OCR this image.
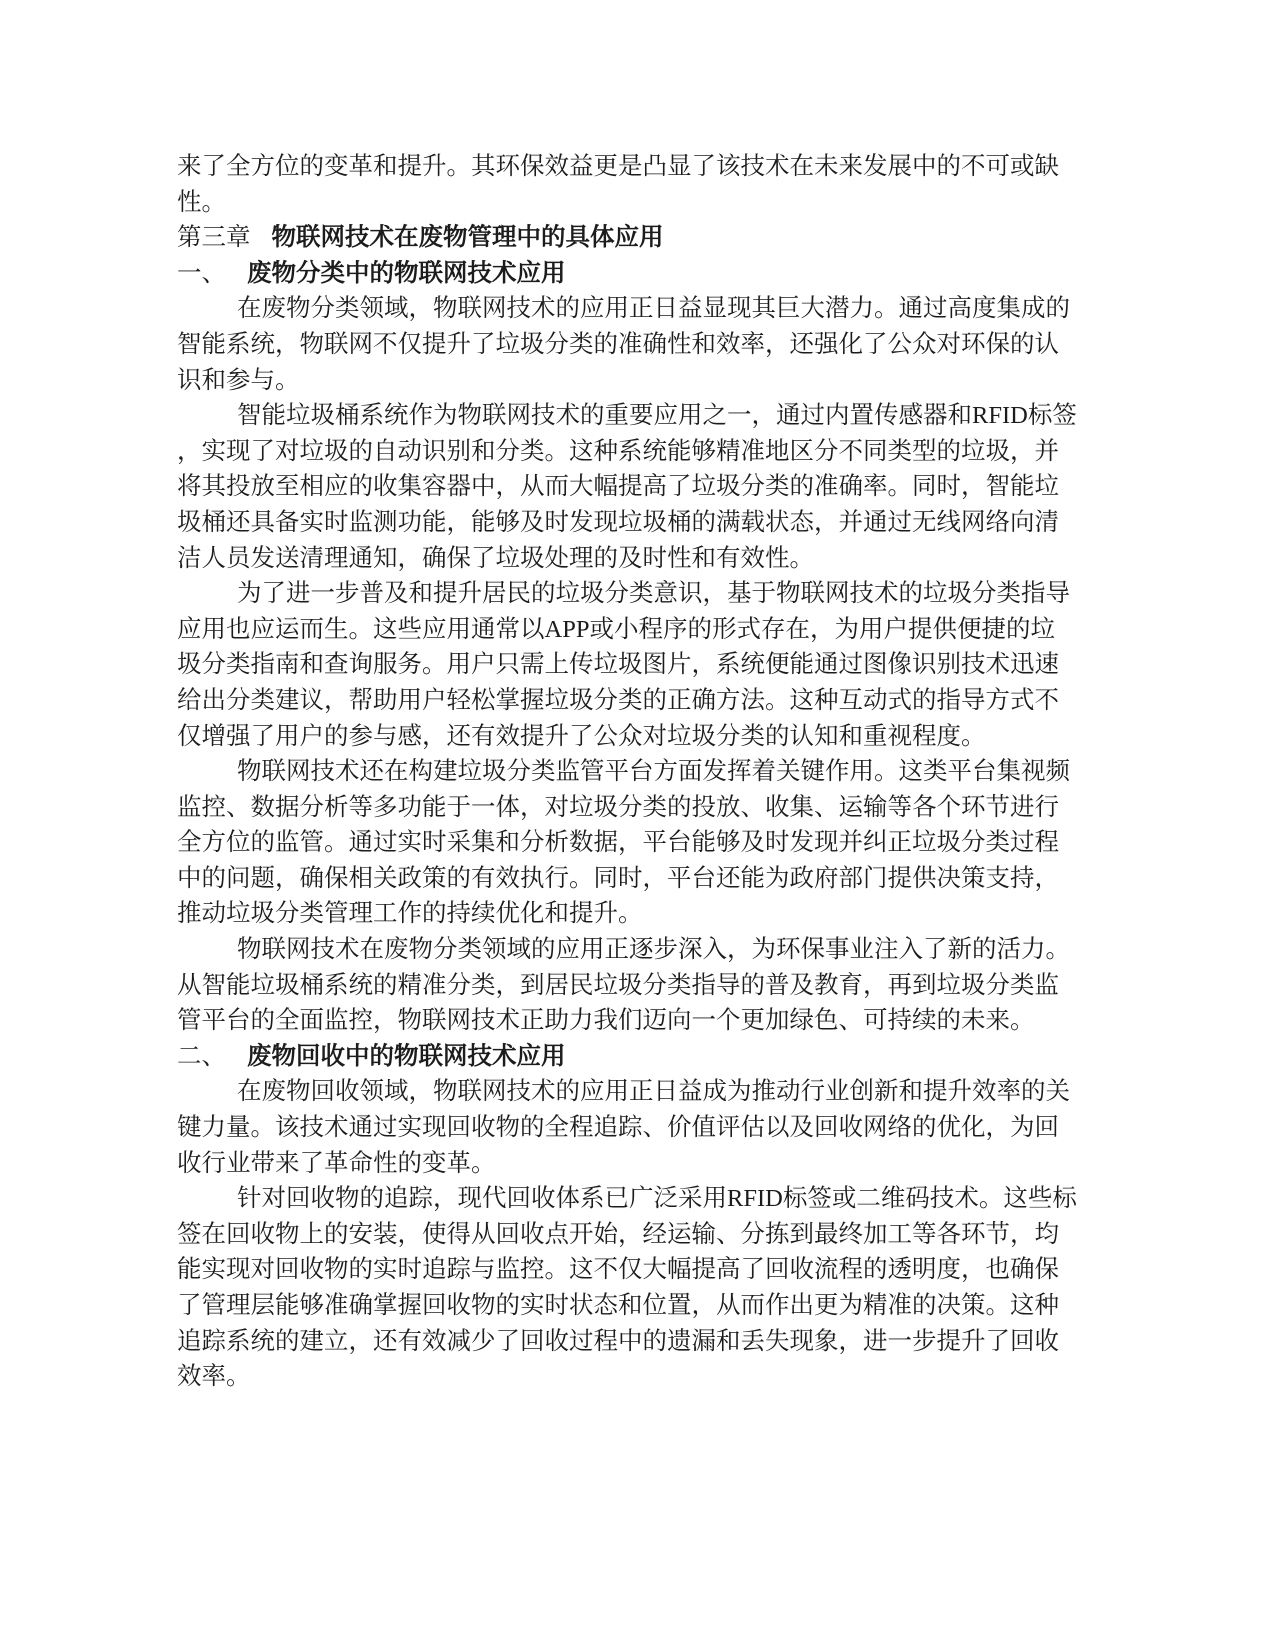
来了全方位的变革和提升。其环保效益更是凸显了该技术在未来发展中的不可或缺
性。
第三章 物联网技术在废物管理中的具体应用
一、 废物分类中的物联网技术应用
在废物分类领域，物联网技术的应用正日益显现其巨大潜力。通过高度集成的
智能系统，物联网不仅提升了垃圾分类的准确性和效率，还强化了公众对环保的认
识和参与。
智能垃圾桶系统作为物联网技术的重要应用之一，通过内置传感器和RFID标签
，实现了对垃圾的自动识别和分类。这种系统能够精准地区分不同类型的垃圾，并
将其投放至相应的收集容器中，从而大幅提高了垃圾分类的准确率。同时，智能垃
圾桶还具备实时监测功能，能够及时发现垃圾桶的满载状态，并通过无线网络向清
洁人员发送清理通知，确保了垃圾处理的及时性和有效性。
为了进一步普及和提升居民的垃圾分类意识，基于物联网技术的垃圾分类指导
应用也应运而生。这些应用通常以APP或小程序的形式存在，为用户提供便捷的垃
圾分类指南和查询服务。用户只需上传垃圾图片，系统便能通过图像识别技术迅速
给出分类建议，帮助用户轻松掌握垃圾分类的正确方法。这种互动式的指导方式不
仅增强了用户的参与感，还有效提升了公众对垃圾分类的认知和重视程度。
物联网技术还在构建垃圾分类监管平台方面发挥着关键作用。这类平台集视频
监控、数据分析等多功能于一体，对垃圾分类的投放、收集、运输等各个环节进行
全方位的监管。通过实时采集和分析数据，平台能够及时发现并纠正垃圾分类过程
中的问题，确保相关政策的有效执行。同时，平台还能为政府部门提供决策支持，
推动垃圾分类管理工作的持续优化和提升。
物联网技术在废物分类领域的应用正逐步深入，为环保事业注入了新的活力。
从智能垃圾桶系统的精准分类，到居民垃圾分类指导的普及教育，再到垃圾分类监
管平台的全面监控，物联网技术正助力我们迈向一个更加绿色、可持续的未来。
二、 废物回收中的物联网技术应用
在废物回收领域，物联网技术的应用正日益成为推动行业创新和提升效率的关
键力量。该技术通过实现回收物的全程追踪、价值评估以及回收网络的优化，为回
收行业带来了革命性的变革。
针对回收物的追踪，现代回收体系已广泛采用RFID标签或二维码技术。这些标
签在回收物上的安装，使得从回收点开始，经运输、分拣到最终加工等各环节，均
能实现对回收物的实时追踪与监控。这不仅大幅提高了回收流程的透明度，也确保
了管理层能够准确掌握回收物的实时状态和位置，从而作出更为精准的决策。这种
追踪系统的建立，还有效减少了回收过程中的遗漏和丢失现象，进一步提升了回收
效率。
